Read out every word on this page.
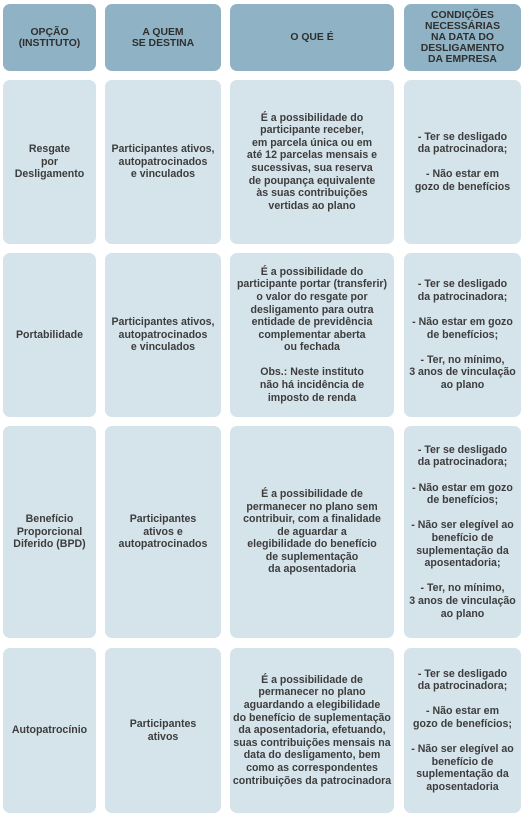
OPÇÃO
(INSTITUTO)
A QUEM
SE DESTINA	O QUE É
CONDIÇÕES
NECESSÁRIAS
NA DATA DO
DESLIGAMENTO
DA EMPRESA
Resgate
por
Desligamento
Participantes ativos,
autopatrocinados
e vinculados
É a possibilidade do
participante receber,
em parcela única ou em
até 12 parcelas mensais e
sucessivas, sua reserva
de poupança equivalente
às suas contribuições
vertidas ao plano
- Ter se desligado
da patrocinadora;
- Não estar em
gozo de benefícios
Portabilidade
Participantes ativos,
autopatrocinados
e vinculados
É a possibilidade do
participante portar (transferir)
o valor do resgate por
desligamento para outra
entidade de previdência
complementar aberta
ou fechada
Obs.: Neste instituto
não há incidência de
imposto de renda
- Ter se desligado
da patrocinadora;
- Não estar em gozo
de benefícios;
- Ter, no mínimo,
3 anos de vinculação
ao plano
Benefício
Proporcional
Diferido (BPD)
Participantes
ativos e
autopatrocinados
É a possibilidade de
permanecer no plano sem
contribuir, com a finalidade
de aguardar a
elegibilidade do benefício
de suplementação
da aposentadoria
- Ter se desligado
da patrocinadora;
- Não estar em gozo
de benefícios;
- Não ser elegível ao
benefício de
suplementação da
aposentadoria;
- Ter, no mínimo,
3 anos de vinculação
ao plano
Autopatrocínio
Participantes
ativos
É a possibilidade de
permanecer no plano
aguardando a elegibilidade
do benefício de suplementação
da aposentadoria, efetuando,
suas contribuições mensais na
data do desligamento, bem
como as correspondentes
contribuições da patrocinadora
- Ter se desligado
da patrocinadora;
- Não estar em
gozo de benefícios;
- Não ser elegível ao
benefício de
suplementação da
aposentadoria
